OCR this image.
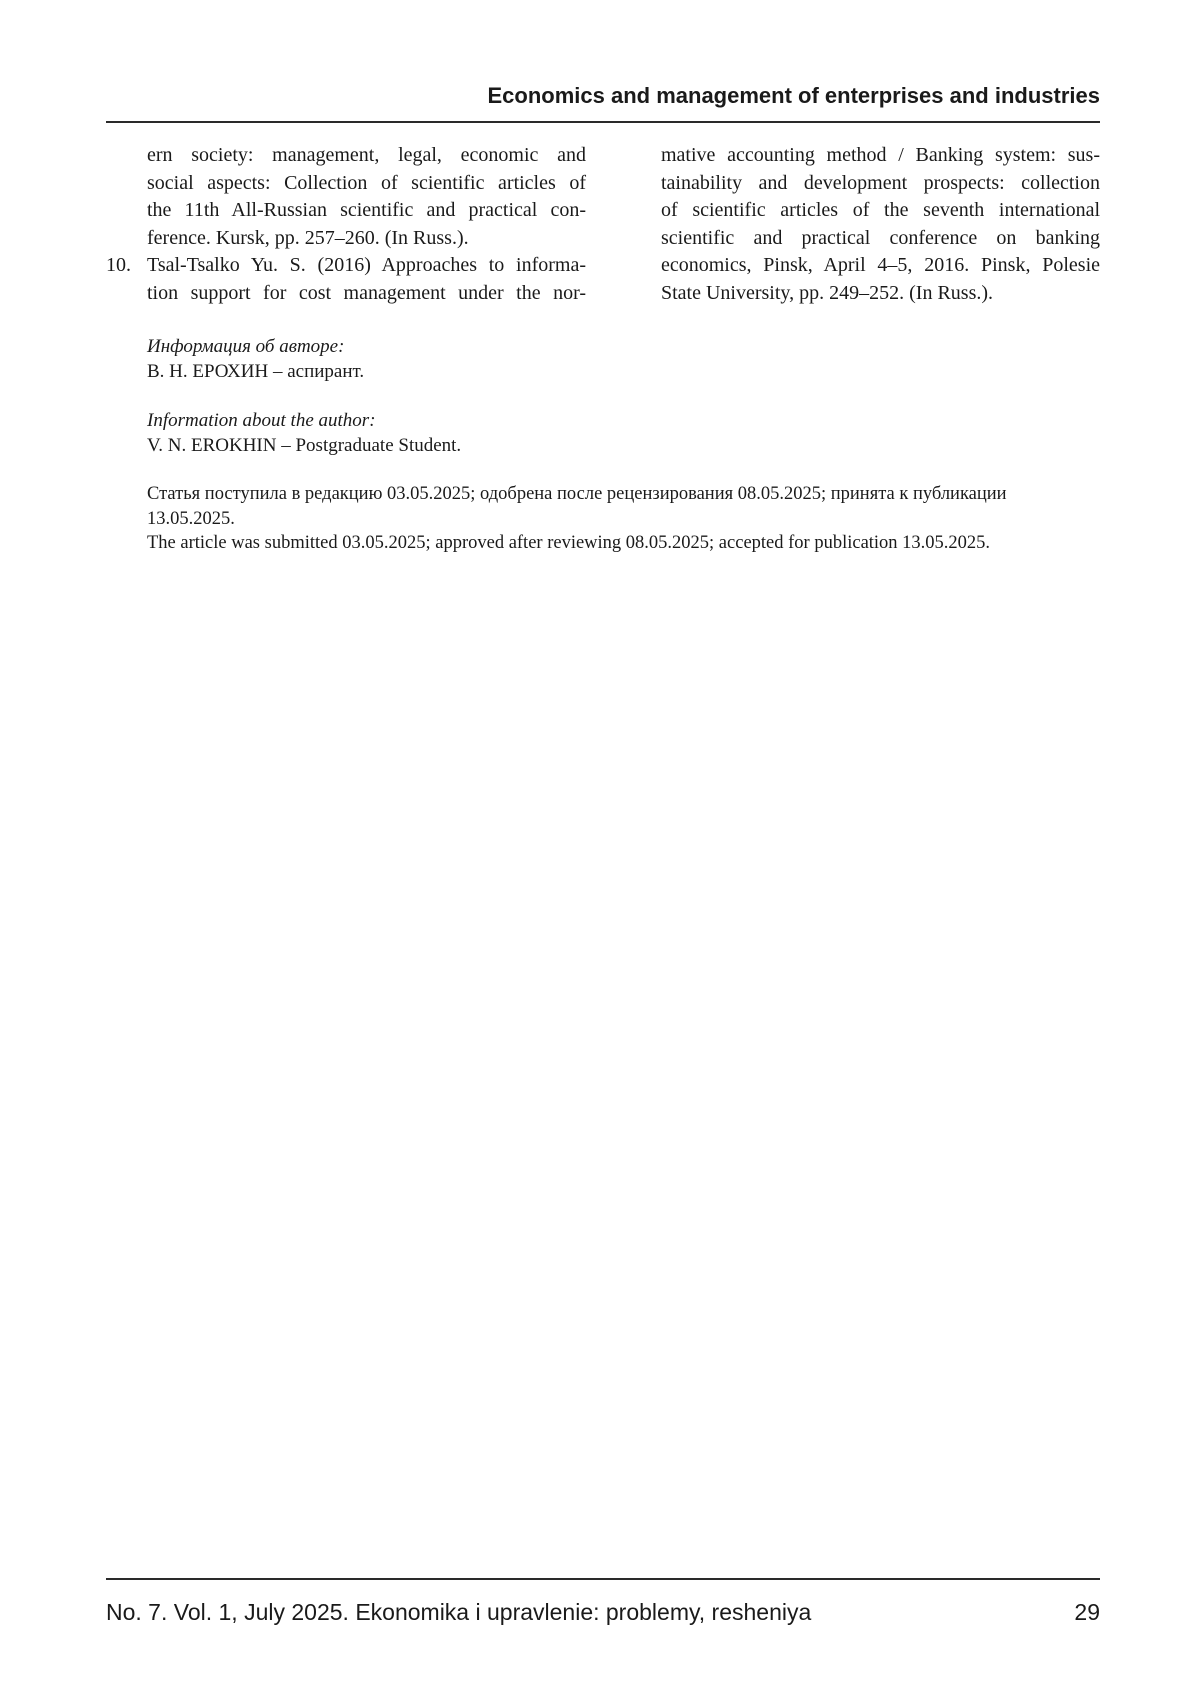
Economics and management of enterprises and industries
ern society: management, legal, economic and
social aspects: Collection of scientific articles of
the 11th All-Russian scientific and practical con-
ference. Kursk, pp. 257–260. (In Russ.).
10. Tsal-Tsalko Yu. S. (2016) Approaches to informa-
tion support for cost management under the nor-
mative accounting method / Banking system: sus-
tainability and development prospects: collection
of scientific articles of the seventh international
scientific and practical conference on banking
economics, Pinsk, April 4–5, 2016. Pinsk, Polesie
State University, pp. 249–252. (In Russ.).
Информация об авторе:
В. Н. ЕРОХИН – аспирант.
Information about the author:
V. N. EROKHIN – Postgraduate Student.
Статья поступила в редакцию 03.05.2025; одобрена после рецензирования 08.05.2025; принята к публикации
13.05.2025.
The article was submitted 03.05.2025; approved after reviewing 08.05.2025; accepted for publication 13.05.2025.
No. 7. Vol. 1, July 2025. Ekonomika i upravlenie: problemy, resheniya	29
